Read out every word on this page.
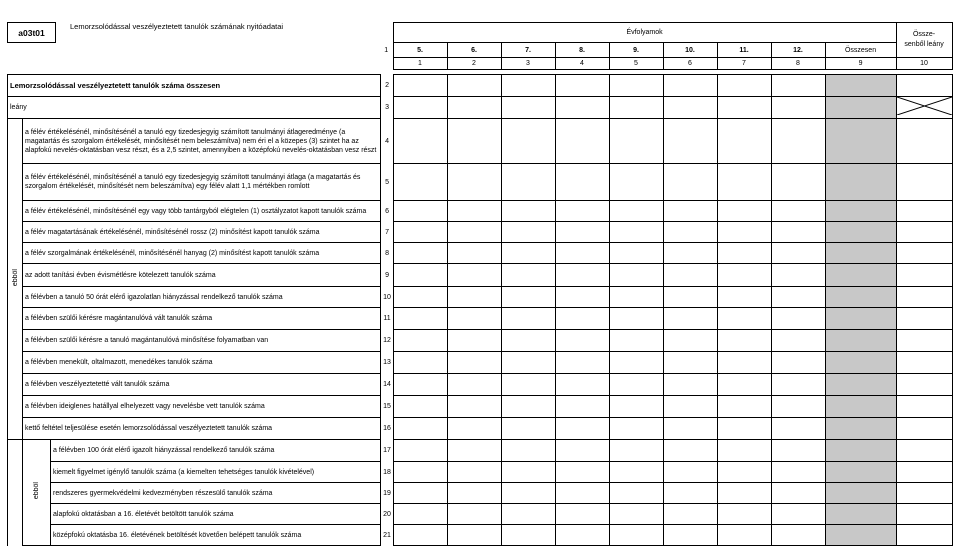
a03t01
Lemorzsolódással veszélyeztetett tanulók számának nyitóadatai
	Évfolyamok									Össze-
senből leány
1	5.	6.	7.	8.	9.	10.	11.	12.	Összesen	
	1	2	3	4	5	6	7	8	9	10
Lemorzsolódással veszélyeztetett tanulók száma összesen			2										
leány			3										
ebből	a félév értékelésénél, minősítésénél a tanuló egy tizedesjegyig számított tanulmányi átlageredménye (a magatartás és szorgalom értékelését, minősítését nem beleszámítva) nem éri el a közepes (3) szintet ha az alapfokú nevelés-oktatásban vesz részt, és a 2,5 szintet, amennyiben a középfokú nevelés-oktatásban vesz részt		4										
	a félév értékelésénél, minősítésénél a tanuló egy tizedesjegyig számított tanulmányi átlaga (a magatartás és szorgalom értékelését, minősítését nem beleszámítva) egy félév alatt 1,1 mértékben romlott		5										
	a félév értékelésénél, minősítésénél egy vagy több tantárgyból elégtelen (1) osztályzatot kapott tanulók száma		6										
	a félév magatartásának értékelésénél, minősítésénél rossz (2) minősítést kapott tanulók száma		7										
	a félév szorgalmának értékelésénél, minősítésénél hanyag (2) minősítést kapott tanulók száma		8										
	az adott tanítási évben évismétlésre kötelezett tanulók száma		9										
	a félévben a tanuló 50 órát elérő igazolatlan hiányzással rendelkező tanulók száma		10										
	a félévben szülői kérésre magántanulóvá vált tanulók száma		11										
	a félévben szülői kérésre a tanuló magántanulóvá minősítése folyamatban van		12										
	a félévben menekült, oltalmazott, menedékes tanulók száma		13										
	a félévben veszélyeztetetté vált tanulók száma		14										
	a félévben ideiglenes hatállyal elhelyezett vagy nevelésbe vett tanulók száma		15										
	kettő feltétel teljesülése esetén lemorzsolódással veszélyeztetett tanulók száma		16										
	ebből	a félévben 100 órát elérő igazolt hiányzással rendelkező tanulók száma	17										
		kiemelt figyelmet igénylő tanulók száma (a kiemelten tehetséges tanulók kivételével)	18										
		rendszeres gyermekvédelmi kedvezményben részesülő tanulók száma	19										
		alapfokú oktatásban a 16. életévét betöltött tanulók száma	20										
		középfokú oktatásba 16. életévének betöltését követően belépett tanulók száma	21										
